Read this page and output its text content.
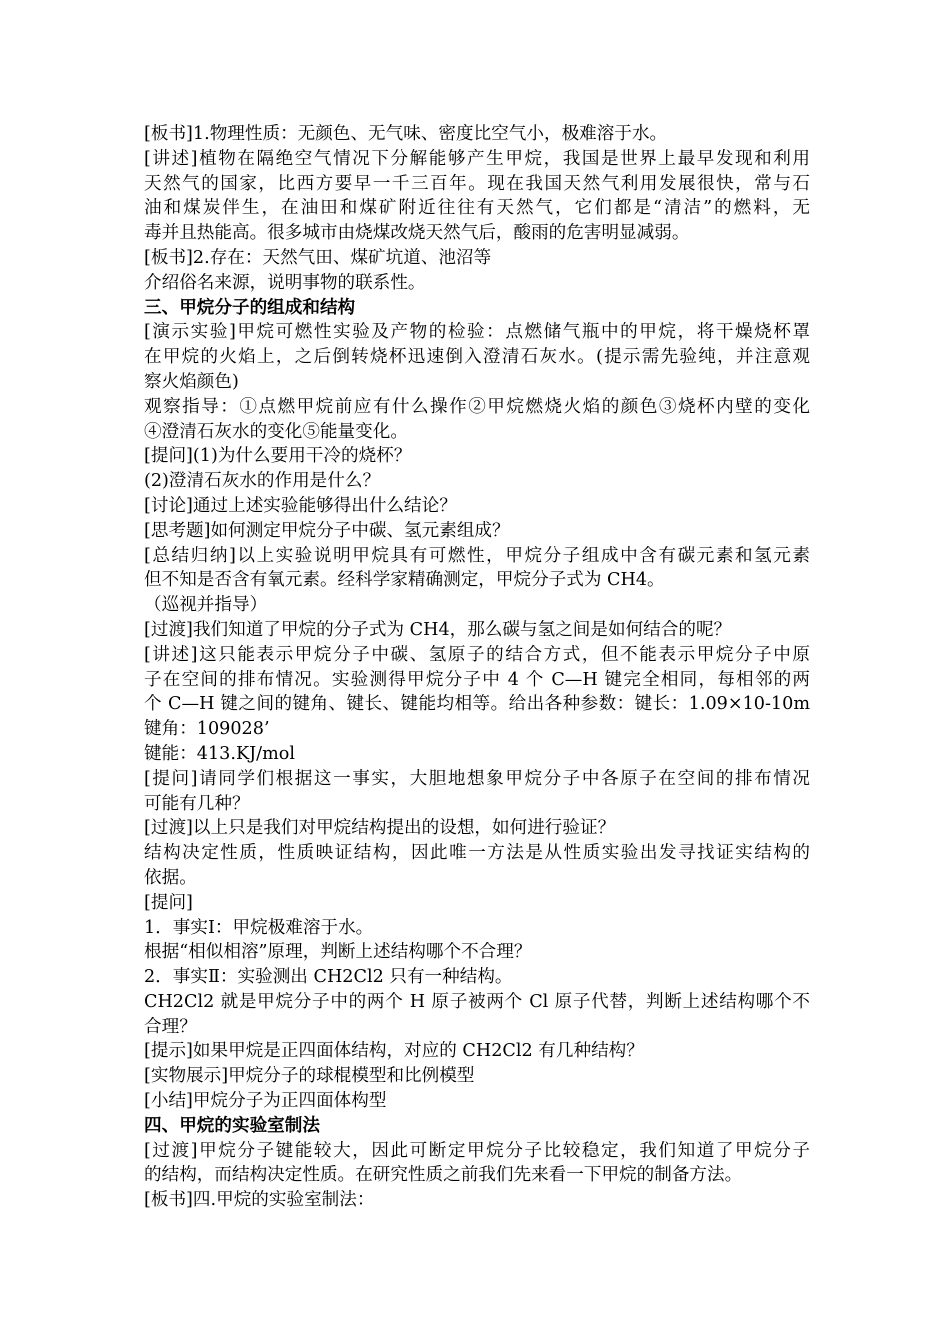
[板书]1.物理性质：无颜色、无气味、密度比空气小，极难溶于水。
[讲述]植物在隔绝空气情况下分解能够产生甲烷，我国是世界上最早发现和利用
天然气的国家，比西方要早一千三百年。现在我国天然气利用发展很快，常与石
油和煤炭伴生，在油田和煤矿附近往往有天然气，它们都是“清洁”的燃料，无
毒并且热能高。很多城市由烧煤改烧天然气后，酸雨的危害明显减弱。
[板书]2.存在：天然气田、煤矿坑道、池沼等
介绍俗名来源，说明事物的联系性。
三、甲烷分子的组成和结构
[演示实验]甲烷可燃性实验及产物的检验：点燃储气瓶中的甲烷，将干燥烧杯罩
在甲烷的火焰上，之后倒转烧杯迅速倒入澄清石灰水。(提示需先验纯，并注意观
察火焰颜色)
观察指导：①点燃甲烷前应有什么操作②甲烷燃烧火焰的颜色③烧杯内壁的变化
④澄清石灰水的变化⑤能量变化。
[提问](1)为什么要用干冷的烧杯？
(2)澄清石灰水的作用是什么？
[讨论]通过上述实验能够得出什么结论？
[思考题]如何测定甲烷分子中碳、氢元素组成？
[总结归纳]以上实验说明甲烷具有可燃性，甲烷分子组成中含有碳元素和氢元素
但不知是否含有氧元素。经科学家精确测定，甲烷分子式为 CH4。
（巡视并指导）
[过渡]我们知道了甲烷的分子式为 CH4，那么碳与氢之间是如何结合的呢？
[讲述]这只能表示甲烷分子中碳、氢原子的结合方式，但不能表示甲烷分子中原
子在空间的排布情况。实验测得甲烷分子中 4 个 C—H 键完全相同，每相邻的两
个 C—H 键之间的键角、键长、键能均相等。给出各种参数：键长：1.09×10-10m
键角：109028’
键能：413.KJ/mol
[提问]请同学们根据这一事实，大胆地想象甲烷分子中各原子在空间的排布情况
可能有几种？
[过渡]以上只是我们对甲烷结构提出的设想，如何进行验证？
结构决定性质，性质映证结构，因此唯一方法是从性质实验出发寻找证实结构的
依据。
[提问]
1．事实Ⅰ：甲烷极难溶于水。
根据“相似相溶”原理，判断上述结构哪个不合理？
2．事实Ⅱ：实验测出 CH2Cl2 只有一种结构。
CH2Cl2 就是甲烷分子中的两个 H 原子被两个 Cl 原子代替，判断上述结构哪个不
合理？
[提示]如果甲烷是正四面体结构，对应的 CH2Cl2 有几种结构？
[实物展示]甲烷分子的球棍模型和比例模型
[小结]甲烷分子为正四面体构型
四、甲烷的实验室制法
[过渡]甲烷分子键能较大，因此可断定甲烷分子比较稳定，我们知道了甲烷分子
的结构，而结构决定性质。在研究性质之前我们先来看一下甲烷的制备方法。
[板书]四.甲烷的实验室制法：
